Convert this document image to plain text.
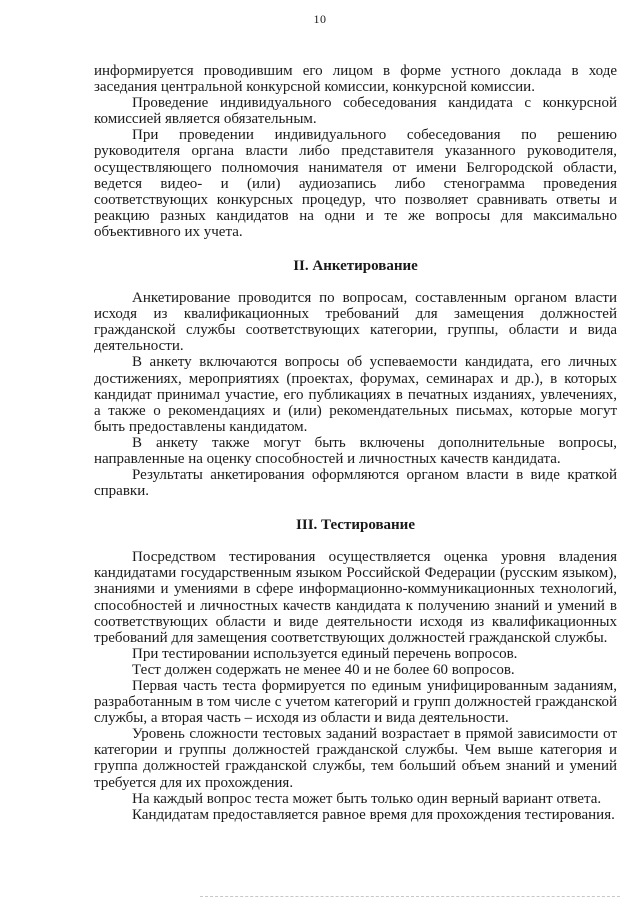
10

информируется проводившим его лицом в форме устного доклада в ходе заседания центральной конкурсной комиссии, конкурсной комиссии.

Проведение индивидуального собеседования кандидата с конкурсной комиссией является обязательным.

При проведении индивидуального собеседования по решению руководителя органа власти либо представителя указанного руководителя, осуществляющего полномочия нанимателя от имени Белгородской области, ведется видео- и (или) аудиозапись либо стенограмма проведения соответствующих конкурсных процедур, что позволяет сравнивать ответы и реакцию разных кандидатов на одни и те же вопросы для максимально объективного их учета.

II. Анкетирование

Анкетирование проводится по вопросам, составленным органом власти исходя из квалификационных требований для замещения должностей гражданской службы соответствующих категории, группы, области и вида деятельности.

В анкету включаются вопросы об успеваемости кандидата, его личных достижениях, мероприятиях (проектах, форумах, семинарах и др.), в которых кандидат принимал участие, его публикациях в печатных изданиях, увлечениях, а также о рекомендациях и (или) рекомендательных письмах, которые могут быть предоставлены кандидатом.

В анкету также могут быть включены дополнительные вопросы, направленные на оценку способностей и личностных качеств кандидата.

Результаты анкетирования оформляются органом власти в виде краткой справки.

III. Тестирование

Посредством тестирования осуществляется оценка уровня владения кандидатами государственным языком Российской Федерации (русским языком), знаниями и умениями в сфере информационно-коммуникационных технологий, способностей и личностных качеств кандидата к получению знаний и умений в соответствующих области и виде деятельности исходя из квалификационных требований для замещения соответствующих должностей гражданской службы.

При тестировании используется единый перечень вопросов.

Тест должен содержать не менее 40 и не более 60 вопросов.

Первая часть теста формируется по единым унифицированным заданиям, разработанным в том числе с учетом категорий и групп должностей гражданской службы, а вторая часть – исходя из области и вида деятельности.

Уровень сложности тестовых заданий возрастает в прямой зависимости от категории и группы должностей гражданской службы. Чем выше категория и группа должностей гражданской службы, тем больший объем знаний и умений требуется для их прохождения.

На каждый вопрос теста может быть только один верный вариант ответа.

Кандидатам предоставляется равное время для прохождения тестирования.
